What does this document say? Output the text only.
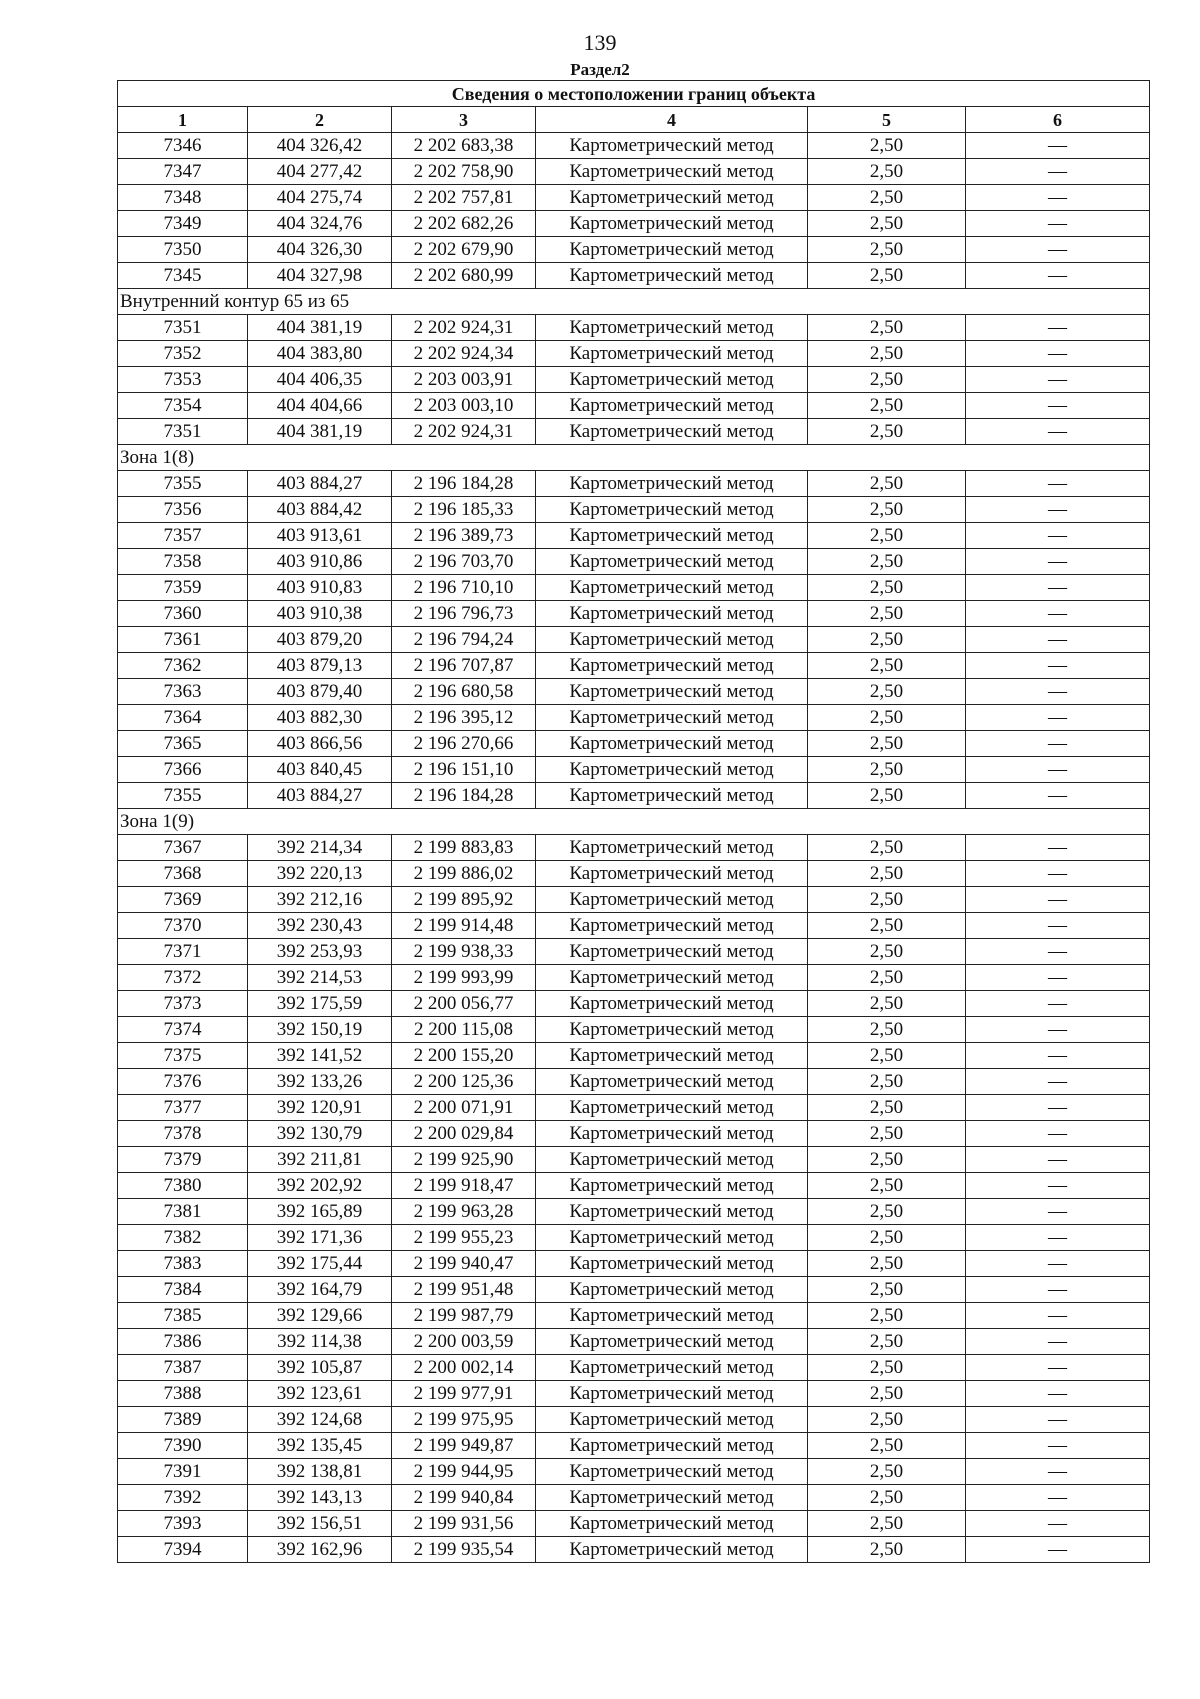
139
Раздел2
Сведения о местоположении границ объекта					
1	2	3	4	5	6
7346	404 326,42	2 202 683,38	Картометрический метод	2,50	—
7347	404 277,42	2 202 758,90	Картометрический метод	2,50	—
7348	404 275,74	2 202 757,81	Картометрический метод	2,50	—
7349	404 324,76	2 202 682,26	Картометрический метод	2,50	—
7350	404 326,30	2 202 679,90	Картометрический метод	2,50	—
7345	404 327,98	2 202 680,99	Картометрический метод	2,50	—
Внутренний контур 65 из 65					
7351	404 381,19	2 202 924,31	Картометрический метод	2,50	—
7352	404 383,80	2 202 924,34	Картометрический метод	2,50	—
7353	404 406,35	2 203 003,91	Картометрический метод	2,50	—
7354	404 404,66	2 203 003,10	Картометрический метод	2,50	—
7351	404 381,19	2 202 924,31	Картометрический метод	2,50	—
Зона 1(8)					
7355	403 884,27	2 196 184,28	Картометрический метод	2,50	—
7356	403 884,42	2 196 185,33	Картометрический метод	2,50	—
7357	403 913,61	2 196 389,73	Картометрический метод	2,50	—
7358	403 910,86	2 196 703,70	Картометрический метод	2,50	—
7359	403 910,83	2 196 710,10	Картометрический метод	2,50	—
7360	403 910,38	2 196 796,73	Картометрический метод	2,50	—
7361	403 879,20	2 196 794,24	Картометрический метод	2,50	—
7362	403 879,13	2 196 707,87	Картометрический метод	2,50	—
7363	403 879,40	2 196 680,58	Картометрический метод	2,50	—
7364	403 882,30	2 196 395,12	Картометрический метод	2,50	—
7365	403 866,56	2 196 270,66	Картометрический метод	2,50	—
7366	403 840,45	2 196 151,10	Картометрический метод	2,50	—
7355	403 884,27	2 196 184,28	Картометрический метод	2,50	—
Зона 1(9)					
7367	392 214,34	2 199 883,83	Картометрический метод	2,50	—
7368	392 220,13	2 199 886,02	Картометрический метод	2,50	—
7369	392 212,16	2 199 895,92	Картометрический метод	2,50	—
7370	392 230,43	2 199 914,48	Картометрический метод	2,50	—
7371	392 253,93	2 199 938,33	Картометрический метод	2,50	—
7372	392 214,53	2 199 993,99	Картометрический метод	2,50	—
7373	392 175,59	2 200 056,77	Картометрический метод	2,50	—
7374	392 150,19	2 200 115,08	Картометрический метод	2,50	—
7375	392 141,52	2 200 155,20	Картометрический метод	2,50	—
7376	392 133,26	2 200 125,36	Картометрический метод	2,50	—
7377	392 120,91	2 200 071,91	Картометрический метод	2,50	—
7378	392 130,79	2 200 029,84	Картометрический метод	2,50	—
7379	392 211,81	2 199 925,90	Картометрический метод	2,50	—
7380	392 202,92	2 199 918,47	Картометрический метод	2,50	—
7381	392 165,89	2 199 963,28	Картометрический метод	2,50	—
7382	392 171,36	2 199 955,23	Картометрический метод	2,50	—
7383	392 175,44	2 199 940,47	Картометрический метод	2,50	—
7384	392 164,79	2 199 951,48	Картометрический метод	2,50	—
7385	392 129,66	2 199 987,79	Картометрический метод	2,50	—
7386	392 114,38	2 200 003,59	Картометрический метод	2,50	—
7387	392 105,87	2 200 002,14	Картометрический метод	2,50	—
7388	392 123,61	2 199 977,91	Картометрический метод	2,50	—
7389	392 124,68	2 199 975,95	Картометрический метод	2,50	—
7390	392 135,45	2 199 949,87	Картометрический метод	2,50	—
7391	392 138,81	2 199 944,95	Картометрический метод	2,50	—
7392	392 143,13	2 199 940,84	Картометрический метод	2,50	—
7393	392 156,51	2 199 931,56	Картометрический метод	2,50	—
7394	392 162,96	2 199 935,54	Картометрический метод	2,50	—
